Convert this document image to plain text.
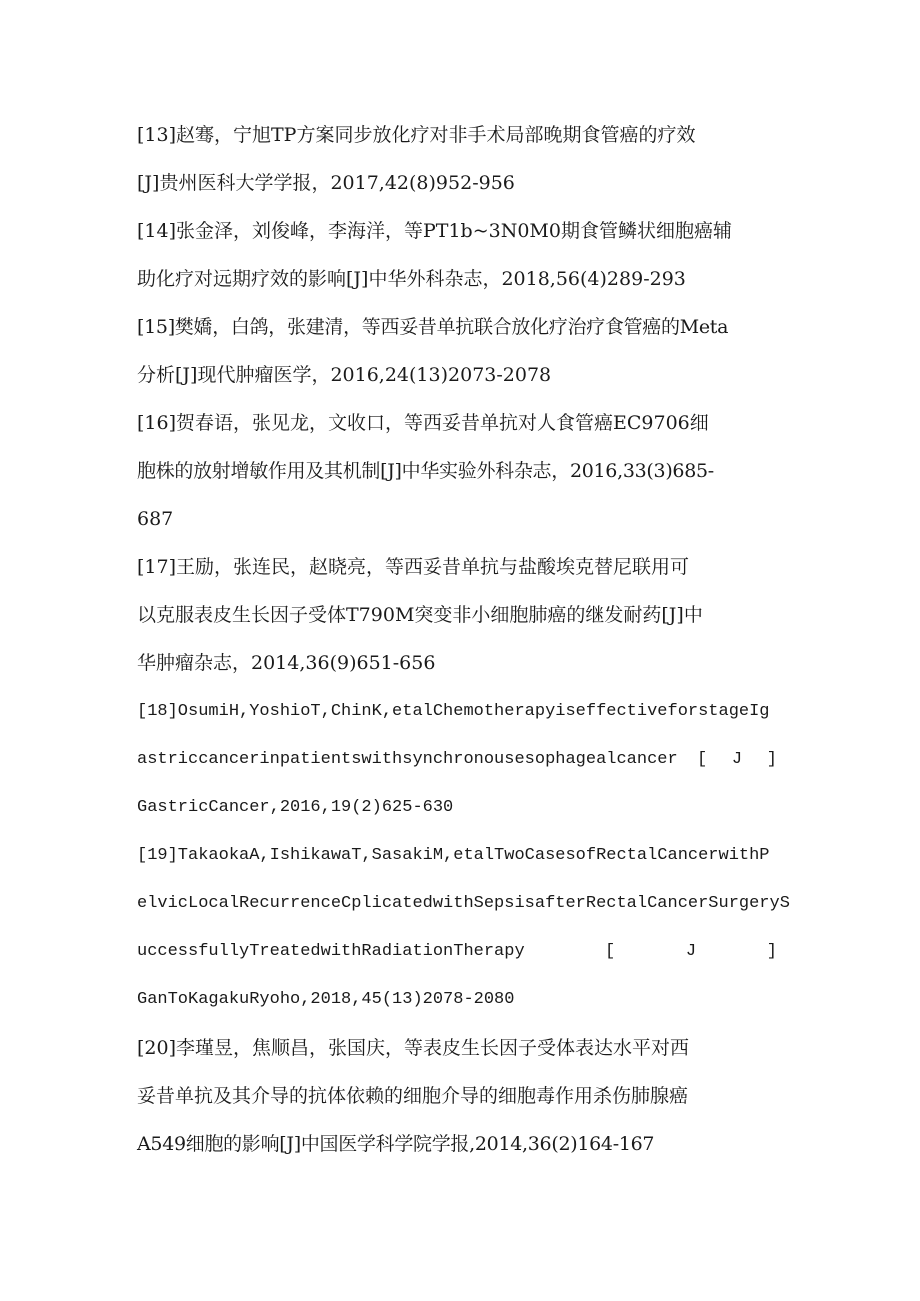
[13]赵骞，宁旭TP方案同步放化疗对非手术局部晚期食管癌的疗效
[J]贵州医科大学学报，2017,42(8)952-956
[14]张金泽，刘俊峰，李海洋，等PT1b~3N0M0期食管鳞状细胞癌辅
助化疗对远期疗效的影响[J]中华外科杂志，2018,56(4)289-293
[15]樊嬌，白鸽，张建清，等西妥昔单抗联合放化疗治疗食管癌的Meta
分析[J]现代肿瘤医学，2016,24(13)2073-2078
[16]贺春语，张见龙，文收口，等西妥昔单抗对人食管癌EC9706细
胞株的放射增敏作用及其机制[J]中华实验外科杂志，2016,33(3)685-
687
[17]王励，张连民，赵晓亮，等西妥昔单抗与盐酸埃克替尼联用可
以克服表皮生长因子受体T790M突变非小细胞肺癌的继发耐药[J]中
华肿瘤杂志，2014,36(9)651-656
[18]OsumiH,YoshioT,ChinK,etalChemotherapyiseffectiveforstageIg
astriccancerinpatientswithsynchronousesophagealcancer [ J ]
GastricCancer,2016,19(2)625-630
[19]TakaokaA,IshikawaT,SasakiM,etalTwoCasesofRectalCancerwithP
elvicLocalRecurrenceCplicatedwithSepsisafterRectalCancerSurgeryS
uccessfullyTreatedwithRadiationTherapy	[	J	]
GanToKagakuRyoho,2018,45(13)2078-2080
[20]李瑾昱，焦顺昌，张国庆，等表皮生长因子受体表达水平对西
妥昔单抗及其介导的抗体依赖的细胞介导的细胞毒作用杀伤肺腺癌
A549细胞的影响[J]中国医学科学院学报,2014,36(2)164-167
